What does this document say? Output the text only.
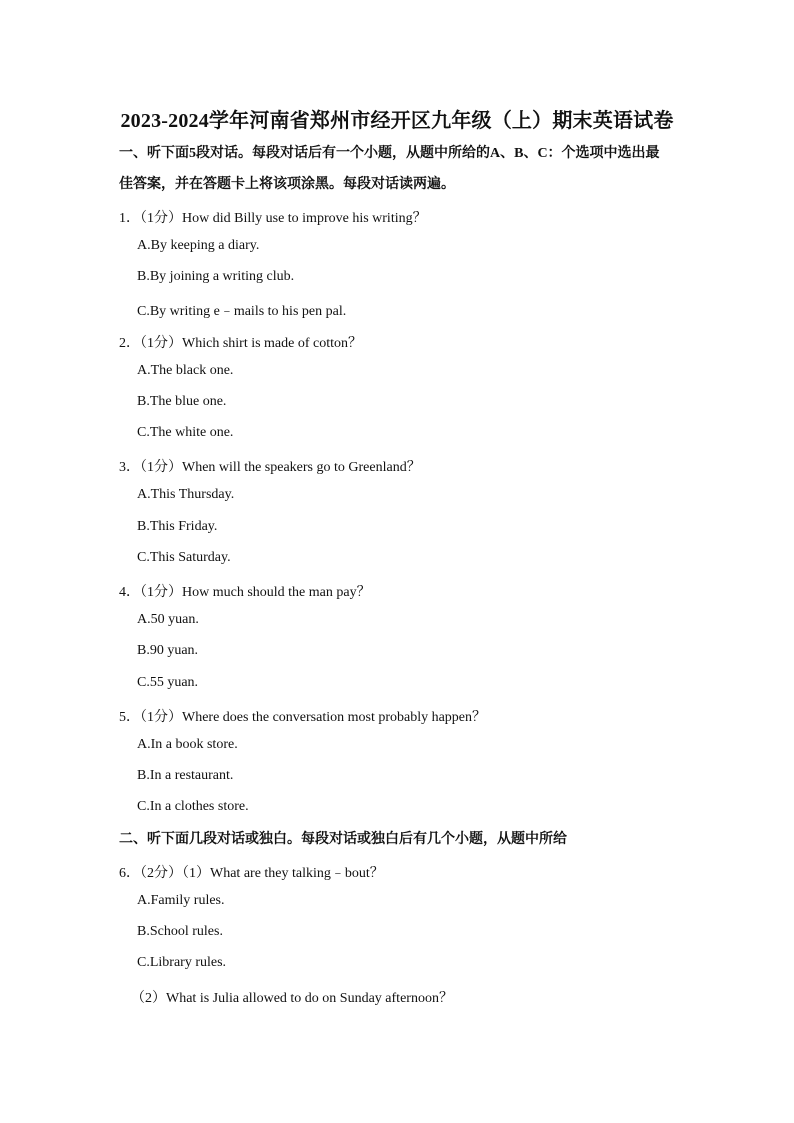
2023-2024学年河南省郑州市经开区九年级（上）期末英语试卷
一、听下面5段对话。每段对话后有一个小题，从题中所给的A、B、C：个选项中选出最
佳答案，并在答题卡上将该项涂黑。每段对话读两遍。
1．（1分）How did Billy use to improve his writing？
A.By keeping a diary.
B.By joining a writing club.
C.By writing e﹣mails to his pen pal.
2．（1分）Which shirt is made of cotton？
A.The black one.
B.The blue one.
C.The white one.
3．（1分）When will the speakers go to Greenland？
A.This Thursday.
B.This Friday.
C.This Saturday.
4．（1分）How much should the man pay？
A.50 yuan.
B.90 yuan.
C.55 yuan.
5．（1分）Where does the conversation most probably happen？
A.In a book store.
B.In a restaurant.
C.In a clothes store.
二、听下面几段对话或独白。每段对话或独白后有几个小题，从题中所给
6．（2分）（1）What are they talking﹣bout？
A.Family rules.
B.School rules.
C.Library rules.
（2）What is Julia allowed to do on Sunday afternoon？
